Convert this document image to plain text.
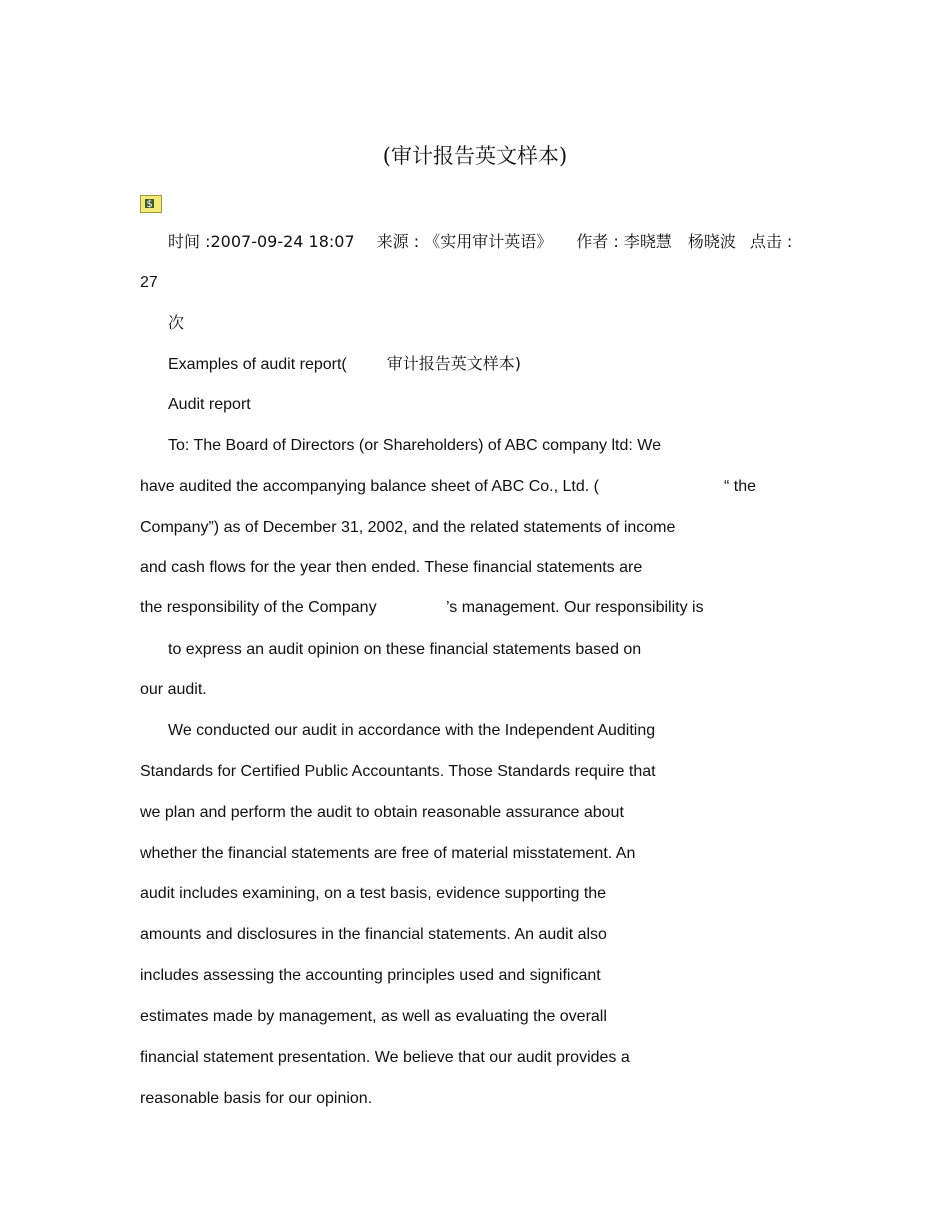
(审计报告英文样本)
$
时间 :2007-09-24 18:07 来源 : 《实用审计英语》 作者 : 李晓慧　杨晓波 点击 :
27
次
Examples of audit report(	审计报告英文样本)
Audit report
To: The Board of Directors (or Shareholders) of ABC company ltd: We
have audited the accompanying balance sheet of ABC Co., Ltd. (	“ the
Company”) as of December 31, 2002, and the related statements of income
and cash flows for the year then ended. These financial statements are
the responsibility of the Company	’s management. Our responsibility is
to express an audit opinion on these financial statements based on
our audit.
We conducted our audit in accordance with the Independent Auditing
Standards for Certified Public Accountants. Those Standards require that
we plan and perform the audit to obtain reasonable assurance about
whether the financial statements are free of material misstatement. An
audit includes examining, on a test basis, evidence supporting the
amounts and disclosures in the financial statements. An audit also
includes assessing the accounting principles used and significant
estimates made by management, as well as evaluating the overall
financial statement presentation. We believe that our audit provides a
reasonable basis for our opinion.
